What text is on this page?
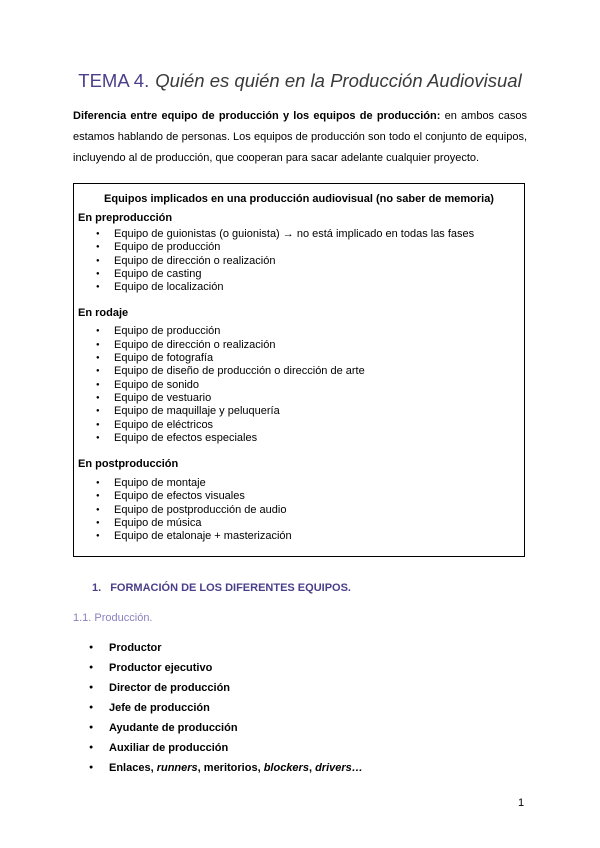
TEMA 4. Quién es quién en la Producción Audiovisual
Diferencia entre equipo de producción y los equipos de producción: en ambos casos estamos hablando de personas. Los equipos de producción son todo el conjunto de equipos, incluyendo al de producción, que cooperan para sacar adelante cualquier proyecto.
Equipos implicados en una producción audiovisual (no saber de memoria)
En preproducción
● Equipo de guionistas (o guionista) → no está implicado en todas las fases
● Equipo de producción
● Equipo de dirección o realización
● Equipo de casting
● Equipo de localización
En rodaje
● Equipo de producción
● Equipo de dirección o realización
● Equipo de fotografía
● Equipo de diseño de producción o dirección de arte
● Equipo de sonido
● Equipo de vestuario
● Equipo de maquillaje y peluquería
● Equipo de eléctricos
● Equipo de efectos especiales
En postproducción
● Equipo de montaje
● Equipo de efectos visuales
● Equipo de postproducción de audio
● Equipo de música
● Equipo de etalonaje + masterización
1. FORMACIÓN DE LOS DIFERENTES EQUIPOS.
1.1. Producción.
● Productor
● Productor ejecutivo
● Director de producción
● Jefe de producción
● Ayudante de producción
● Auxiliar de producción
● Enlaces, runners, meritorios, blockers, drivers…
1
